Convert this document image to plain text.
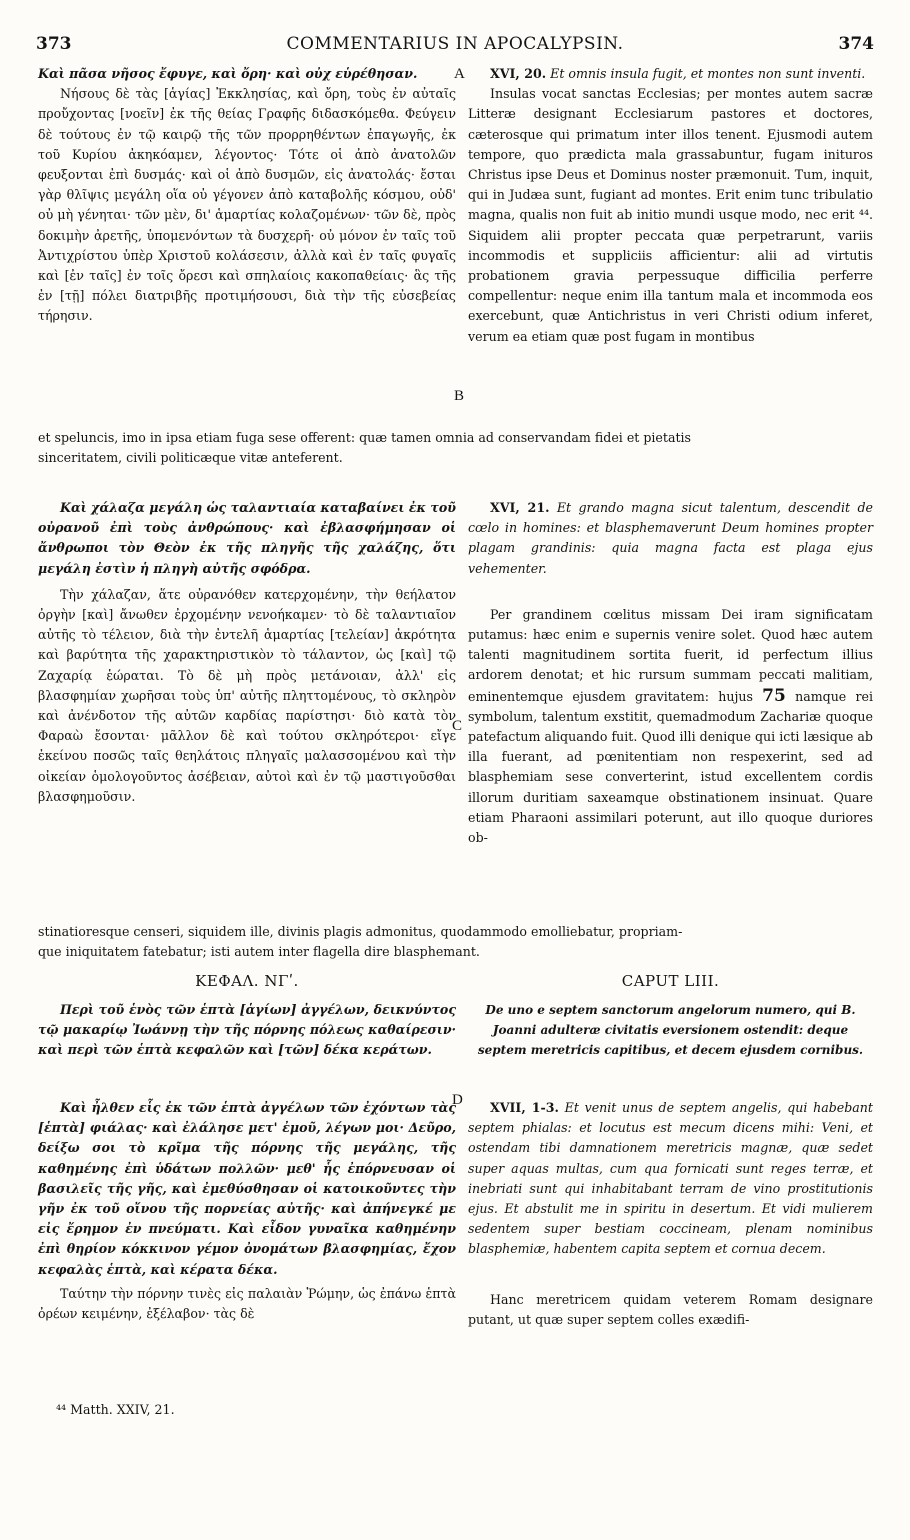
373	COMMENTARIUS IN APOCALYPSIN.	374

Καὶ πᾶσα νῆσος ἔφυγε, καὶ ὄρη· καὶ οὐχ εὑρέθησαν.

Νήσους δὲ τὰς [ἁγίας] Ἐκκλησίας, καὶ ὄρη, τοὺς ἐν αὐταῖς προὔχοντας [νοεῖν] ἐκ τῆς θείας Γραφῆς διδασκόμεθα. Φεύγειν δὲ τούτους ἐν τῷ καιρῷ τῆς τῶν προρρηθέντων ἐπαγωγῆς, ἐκ τοῦ Κυρίου ἀκηκόαμεν, λέγοντος· Τότε οἱ ἀπὸ ἀνατολῶν φευξονται ἐπὶ δυσμάς· καὶ οἱ ἀπὸ δυσμῶν, εἰς ἀνατολάς· ἔσται γὰρ θλῖψις μεγάλη οἵα οὐ γέγονεν ἀπὸ καταβολῆς κόσμου, οὐδ' οὐ μὴ γένηται· τῶν μὲν, δι' ἁμαρτίας κολαζομένων· τῶν δὲ, πρὸς δοκιμὴν ἀρετῆς, ὑπομενόντων τὰ δυσχερῆ· οὐ μόνον ἐν ταῖς τοῦ Ἀντιχρίστου ὑπὲρ Χριστοῦ κολάσεσιν, ἀλλὰ καὶ ἐν ταῖς φυγαῖς καὶ [ἐν ταῖς] ἐν τοῖς ὄρεσι καὶ σπηλαίοις κακοπαθείαις· ἃς τῆς ἐν [τῇ] πόλει διατριβῆς προτιμήσουσι, διὰ τὴν τῆς εὐσεβείας τήρησιν.

XVI, 20. Et omnis insula fugit, et montes non sunt inventi.

Insulas vocat sanctas Ecclesias; per montes autem sacræ Litteræ designant Ecclesiarum pastores et doctores, cæterosque qui primatum inter illos tenent. Ejusmodi autem tempore, quo prædicta mala grassabuntur, fugam inituros Christus ipse Deus et Dominus noster præmonuit. Tum, inquit, qui in Judæa sunt, fugiant ad montes. Erit enim tunc tribulatio magna, qualis non fuit ab initio mundi usque modo, nec erit ⁴⁴. Siquidem alii propter peccata quæ perpetrarunt, variis incommodis et suppliciis afficientur: alii ad virtutis probationem gravia perpessuque difficilia perferre compellentur: neque enim illa tantum mala et incommoda eos exercebunt, quæ Antichristus in veri Christi odium inferet, verum ea etiam quæ post fugam in montibus

et speluncis, imo in ipsa etiam fuga sese offerent: quæ tamen omnia ad conservandam fidei et pietatis
sinceritatem, civili politicæque vitæ anteferent.

Καὶ χάλαζα μεγάλη ὡς ταλαντιαία καταβαίνει ἐκ τοῦ οὐρανοῦ ἐπὶ τοὺς ἀνθρώπους· καὶ ἐβλασφήμησαν οἱ ἄνθρωποι τὸν Θεὸν ἐκ τῆς πληγῆς τῆς χαλάζης, ὅτι μεγάλη ἐστὶν ἡ πληγὴ αὐτῆς σφόδρα.

Τὴν χάλαζαν, ἅτε οὐρανόθεν κατερχομένην, τὴν θεήλατον ὀργὴν [καὶ] ἄνωθεν ἐρχομένην νενοήκαμεν· τὸ δὲ ταλαντιαῖον αὐτῆς τὸ τέλειον, διὰ τὴν ἐντελῆ ἁμαρτίας [τελείαν] ἀκρότητα καὶ βαρύτητα τῆς χαρακτηριστικὸν τὸ τάλαντον, ὡς [καὶ] τῷ Ζαχαρίᾳ ἑώραται. Τὸ δὲ μὴ πρὸς μετάνοιαν, ἀλλ' εἰς βλασφημίαν χωρῆσαι τοὺς ὑπ' αὐτῆς πληττομένους, τὸ σκληρὸν καὶ ἀνένδοτον τῆς αὐτῶν καρδίας παρίστησι· διὸ κατὰ τὸν Φαραὼ ἔσονται· μᾶλλον δὲ καὶ τούτου σκληρότεροι· εἴγε ἐκείνου ποσῶς ταῖς θεηλάτοις πληγαῖς μαλασσομένου καὶ τὴν οἰκείαν ὁμολογοῦντος ἀσέβειαν, αὐτοὶ καὶ ἐν τῷ μαστιγοῦσθαι βλασφημοῦσιν.

XVI, 21. Et grando magna sicut talentum, descendit de cœlo in homines: et blasphemaverunt Deum homines propter plagam grandinis: quia magna facta est plaga ejus vehementer.

Per grandinem cœlitus missam Dei iram significatam putamus: hæc enim e supernis venire solet. Quod hæc autem talenti magnitudinem sortita fuerit, id perfectum illius ardorem denotat; et hic rursum summam peccati malitiam, eminentemque ejusdem gravitatem: hujus 75 namque rei symbolum, talentum exstitit, quemadmodum Zachariæ quoque patefactum aliquando fuit. Quod illi denique qui icti læsique ab illa fuerant, ad pœnitentiam non respexerint, sed ad blasphemiam sese converterint, istud excellentem cordis illorum duritiam saxeamque obstinationem insinuat. Quare etiam Pharaoni assimilari poterunt, aut illo quoque duriores ob-

stinatioresque censeri, siquidem ille, divinis plagis admonitus, quodammodo emolliebatur, propriam-
que iniquitatem fatebatur; isti autem inter flagella dire blasphemant.
ΚΕΦΑΛ. ΝΓʹ.	CAPUT LIII.

Περὶ τοῦ ἑνὸς τῶν ἑπτὰ [ἁγίων] ἀγγέλων, δεικνύντος τῷ μακαρίῳ Ἰωάννῃ τὴν τῆς πόρνης πόλεως καθαίρεσιν· καὶ περὶ τῶν ἑπτὰ κεφαλῶν καὶ [τῶν] δέκα κεράτων.

De uno e septem sanctorum angelorum numero, qui B. Joanni adulteræ civitatis eversionem ostendit: deque septem meretricis capitibus, et decem ejusdem cornibus.

Καὶ ἦλθεν εἷς ἐκ τῶν ἑπτὰ ἀγγέλων τῶν ἐχόντων τὰς [ἑπτὰ] φιάλας· καὶ ἐλάλησε μετ' ἐμοῦ, λέγων μοι· Δεῦρο, δείξω σοι τὸ κρῖμα τῆς πόρνης τῆς μεγάλης, τῆς καθημένης ἐπὶ ὑδάτων πολλῶν· μεθ' ἧς ἐπόρνευσαν οἱ βασιλεῖς τῆς γῆς, καὶ ἐμεθύσθησαν οἱ κατοικοῦντες τὴν γῆν ἐκ τοῦ οἴνου τῆς πορνείας αὐτῆς· καὶ ἀπήνεγκέ με εἰς ἔρημον ἐν πνεύματι. Καὶ εἶδον γυναῖκα καθημένην ἐπὶ θηρίον κόκκινον γέμον ὀνομάτων βλασφημίας, ἔχον κεφαλὰς ἑπτὰ, καὶ κέρατα δέκα.

Ταύτην τὴν πόρνην τινὲς εἰς παλαιὰν Ῥώμην, ὡς ἐπάνω ἑπτὰ ὀρέων κειμένην, ἐξέλαβον· τὰς δὲ

XVII, 1-3. Et venit unus de septem angelis, qui habebant septem phialas: et locutus est mecum dicens mihi: Veni, et ostendam tibi damnationem meretricis magnæ, quæ sedet super aquas multas, cum qua fornicati sunt reges terræ, et inebriati sunt qui inhabitabant terram de vino prostitutionis ejus. Et abstulit me in spiritu in desertum. Et vidi mulierem sedentem super bestiam coccineam, plenam nominibus blasphemiæ, habentem capita septem et cornua decem.

Hanc meretricem quidam veterem Romam designare putant, ut quæ super septem colles exædifi-

A
B
C
D
⁴⁴ Matth. XXIV, 21.
